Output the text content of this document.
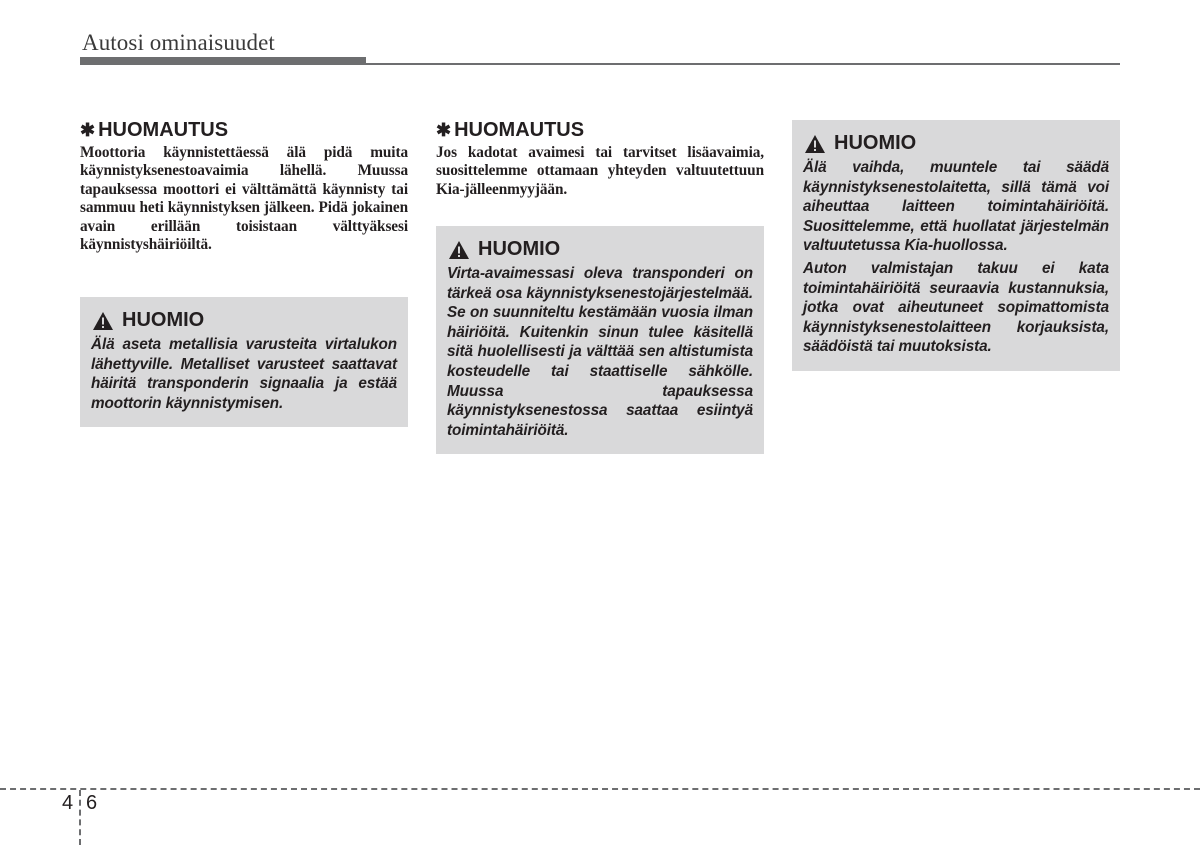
Autosi ominaisuudet
✱ HUOMAUTUS

Moottoria käynnistettäessä älä pidä muita käynnistyksenestoavaimia lähellä. Muussa tapauksessa moottori ei välttämättä käynnisty tai sammuu heti käynnistyksen jälkeen. Pidä jokainen avain erillään toisistaan välttyäksesi käynnistyshäiriöiltä.

HUOMIO

Älä aseta metallisia varusteita virtalukon lähettyville. Metalliset varusteet saattavat häiritä transponderin signaalia ja estää moottorin käynnistymisen.

✱ HUOMAUTUS

Jos kadotat avaimesi tai tarvitset lisäavaimia, suosittelemme ottamaan yhteyden valtuutettuun Kia-jälleenmyyjään.

HUOMIO

Virta-avaimessasi oleva transponderi on tärkeä osa käynnistyksenestojärjestelmää. Se on suunniteltu kestämään vuosia ilman häiriöitä. Kuitenkin sinun tulee käsitellä sitä huolellisesti ja välttää sen altistumista kosteudelle tai staattiselle sähkölle. Muussa tapauksessa käynnistyksenestossa saattaa esiintyä toimintahäiriöitä.

HUOMIO

Älä vaihda, muuntele tai säädä käynnistyksenestolaitetta, sillä tämä voi aiheuttaa laitteen toimintahäiriöitä. Suosittelemme, että huollatat järjestelmän valtuutetussa Kia-huollossa.

Auton valmistajan takuu ei kata toimintahäiriöitä seuraavia kustannuksia, jotka ovat aiheutuneet sopimattomista käynnistyksenestolaitteen korjauksista, säädöistä tai muutoksista.

4 6
